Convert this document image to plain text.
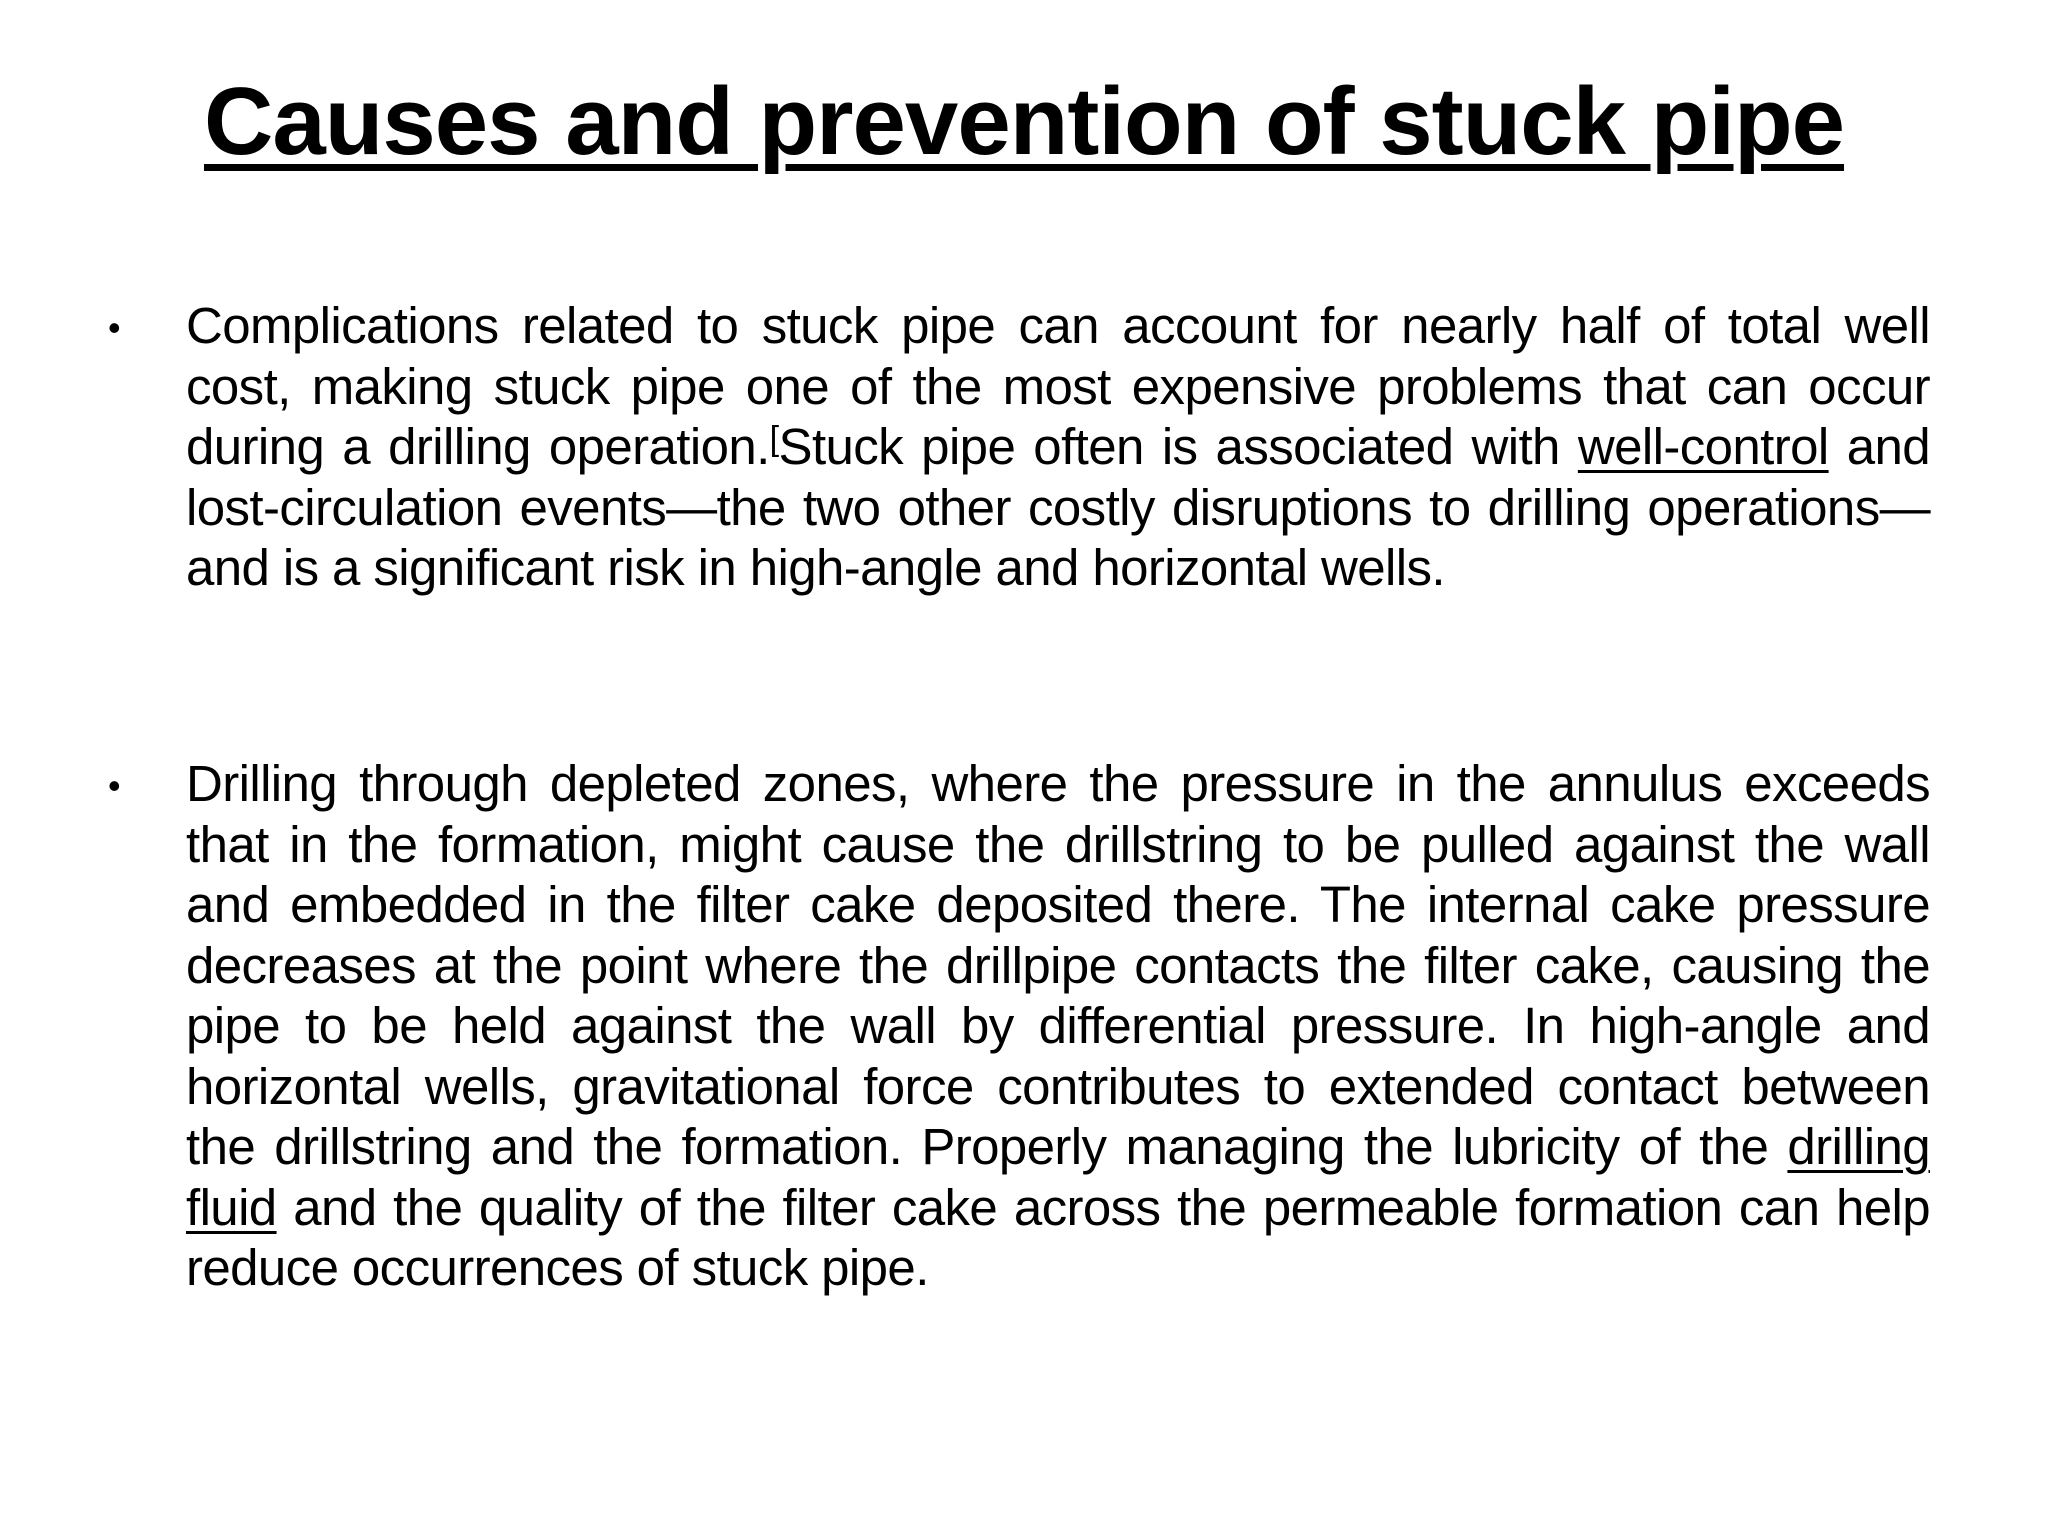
Causes and prevention of stuck pipe
•	Complications related to stuck pipe can account for nearly half of total well cost, making stuck pipe one of the most expensive problems that can occur during a drilling operation.[Stuck pipe often is associated with well-control and lost-circulation events—the two other costly disruptions to drilling operations—and is a significant risk in high-angle and horizontal wells.
•	Drilling through depleted zones, where the pressure in the annulus exceeds that in the formation, might cause the drillstring to be pulled against the wall and embedded in the filter cake deposited there. The internal cake pressure decreases at the point where the drillpipe contacts the filter cake, causing the pipe to be held against the wall by differential pressure. In high-angle and horizontal wells, gravitational force contributes to extended contact between the drillstring and the formation. Properly managing the lubricity of the drilling fluid and the quality of the filter cake across the permeable formation can help reduce occurrences of stuck pipe.
